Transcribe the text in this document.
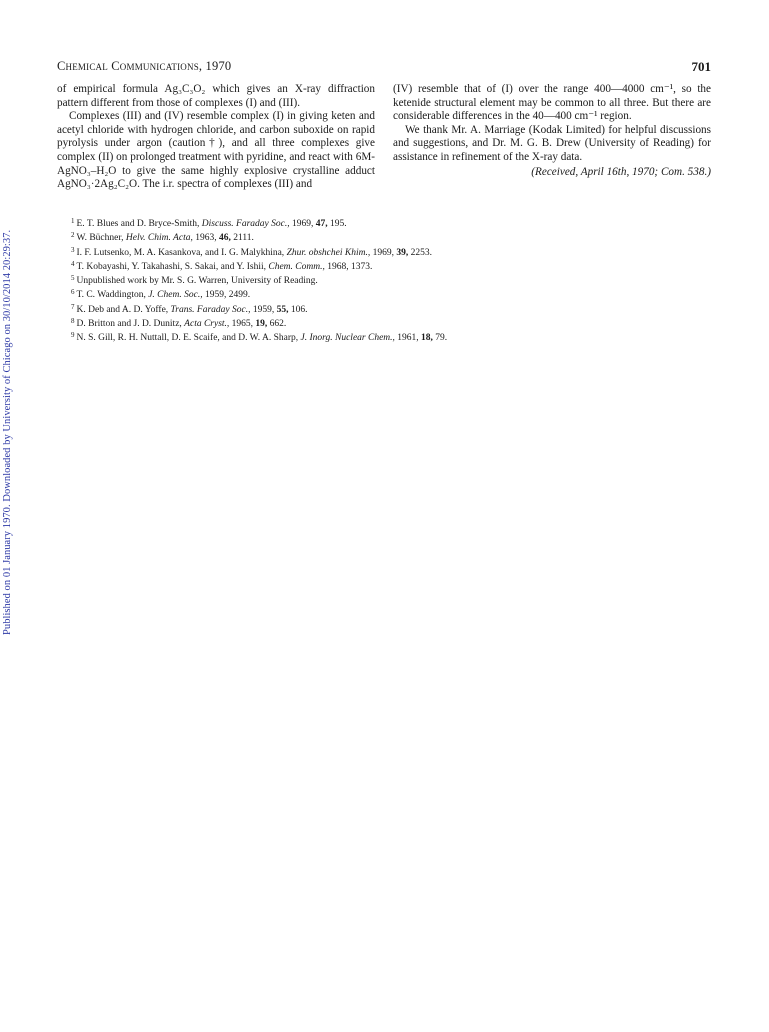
Published on 01 January 1970. Downloaded by University of Chicago on 30/10/2014 20:29:37.
Chemical Communications, 1970	701

of empirical formula Ag₃C₃O₂ which gives an X-ray diffraction pattern different from those of complexes (I) and (III).

Complexes (III) and (IV) resemble complex (I) in giving keten and acetyl chloride with hydrogen chloride, and carbon suboxide on rapid pyrolysis under argon (caution†), and all three complexes give complex (II) on prolonged treatment with pyridine, and react with 6M-AgNO₃–H₂O to give the same highly explosive crystalline adduct AgNO₃·2Ag₂C₂O. The i.r. spectra of complexes (III) and

(IV) resemble that of (I) over the range 400—4000 cm⁻¹, so the ketenide structural element may be common to all three. But there are considerable differences in the 40—400 cm⁻¹ region.

We thank Mr. A. Marriage (Kodak Limited) for helpful discussions and suggestions, and Dr. M. G. B. Drew (University of Reading) for assistance in refinement of the X-ray data.

(Received, April 16th, 1970; Com. 538.)

$^1$ E. T. Blues and D. Bryce-Smith, Discuss. Faraday Soc., 1969, 47, 195.
$^2$ W. Büchner, Helv. Chim. Acta, 1963, 46, 2111.
$^3$ I. F. Lutsenko, M. A. Kasankova, and I. G. Malykhina, Zhur. obshchei Khim., 1969, 39, 2253.
$^4$ T. Kobayashi, Y. Takahashi, S. Sakai, and Y. Ishii, Chem. Comm., 1968, 1373.
$^5$ Unpublished work by Mr. S. G. Warren, University of Reading.
$^6$ T. C. Waddington, J. Chem. Soc., 1959, 2499.
$^7$ K. Deb and A. D. Yoffe, Trans. Faraday Soc., 1959, 55, 106.
$^8$ D. Britton and J. D. Dunitz, Acta Cryst., 1965, 19, 662.
$^9$ N. S. Gill, R. H. Nuttall, D. E. Scaife, and D. W. A. Sharp, J. Inorg. Nuclear Chem., 1961, 18, 79.
